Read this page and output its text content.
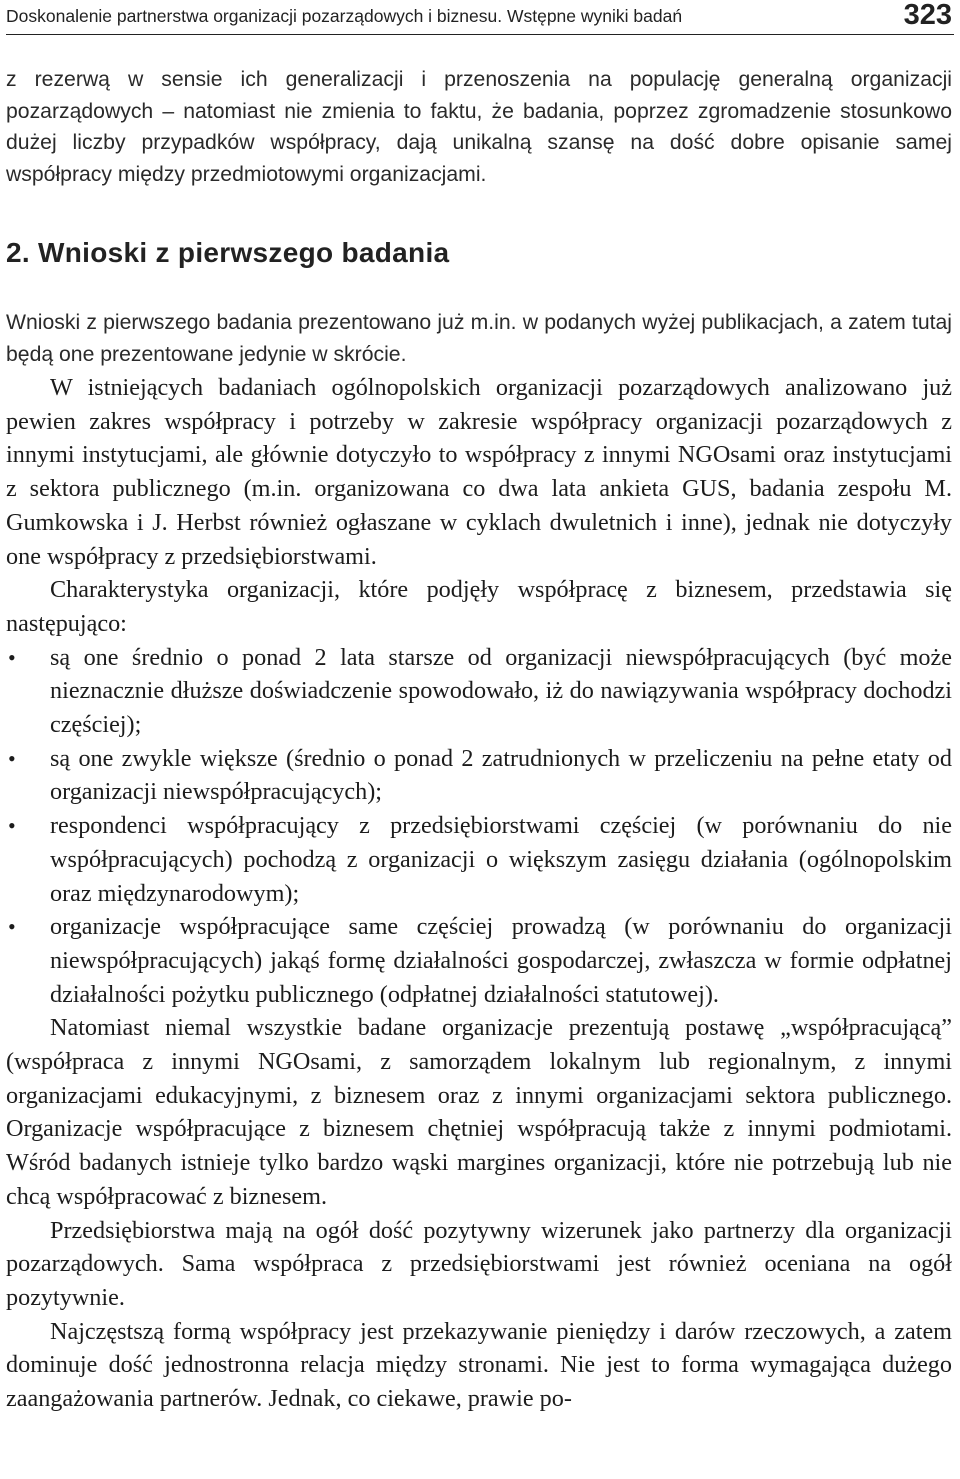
Doskonalenie partnerstwa organizacji pozarządowych i biznesu. Wstępne wyniki badań	323

z rezerwą w sensie ich generalizacji i przenoszenia na populację generalną organizacji pozarządowych – natomiast nie zmienia to faktu, że badania, poprzez zgromadzenie stosunkowo dużej liczby przypadków współpracy, dają unikalną szansę na dość dobre opisanie samej współpracy między przedmiotowymi organizacjami.

2. Wnioski z pierwszego badania

Wnioski z pierwszego badania prezentowano już m.in. w podanych wyżej publikacjach, a zatem tutaj będą one prezentowane jedynie w skrócie.

W istniejących badaniach ogólnopolskich organizacji pozarządowych analizowano już pewien zakres współpracy i potrzeby w zakresie współpracy organizacji pozarządowych z innymi instytucjami, ale głównie dotyczyło to współpracy z innymi NGOsami oraz instytucjami z sektora publicznego (m.in. organizowana co dwa lata ankieta GUS, badania zespołu M. Gumkowska i J. Herbst również ogłaszane w cyklach dwuletnich i inne), jednak nie dotyczyły one współpracy z przedsiębiorstwami.

Charakterystyka organizacji, które podjęły współpracę z biznesem, przedstawia się następująco:

• są one średnio o ponad 2 lata starsze od organizacji niewspółpracujących (być może nieznacznie dłuższe doświadczenie spowodowało, iż do nawiązywania współpracy dochodzi częściej);
• są one zwykle większe (średnio o ponad 2 zatrudnionych w przeliczeniu na pełne etaty od organizacji niewspółpracujących);
• respondenci współpracujący z przedsiębiorstwami częściej (w porównaniu do nie współpracujących) pochodzą z organizacji o większym zasięgu działania (ogólnopolskim oraz międzynarodowym);
• organizacje współpracujące same częściej prowadzą (w porównaniu do organizacji niewspółpracujących) jakąś formę działalności gospodarczej, zwłaszcza w formie odpłatnej działalności pożytku publicznego (odpłatnej działalności statutowej).

Natomiast niemal wszystkie badane organizacje prezentują postawę „współpracującą” (współpraca z innymi NGOsami, z samorządem lokalnym lub regionalnym, z innymi organizacjami edukacyjnymi, z biznesem oraz z innymi organizacjami sektora publicznego. Organizacje współpracujące z biznesem chętniej współpracują także z innymi podmiotami. Wśród badanych istnieje tylko bardzo wąski margines organizacji, które nie potrzebują lub nie chcą współpracować z biznesem.

Przedsiębiorstwa mają na ogół dość pozytywny wizerunek jako partnerzy dla organizacji pozarządowych. Sama współpraca z przedsiębiorstwami jest również oceniana na ogół pozytywnie.

Najczęstszą formą współpracy jest przekazywanie pieniędzy i darów rzeczowych, a zatem dominuje dość jednostronna relacja między stronami. Nie jest to forma wymagająca dużego zaangażowania partnerów. Jednak, co ciekawe, prawie po-
